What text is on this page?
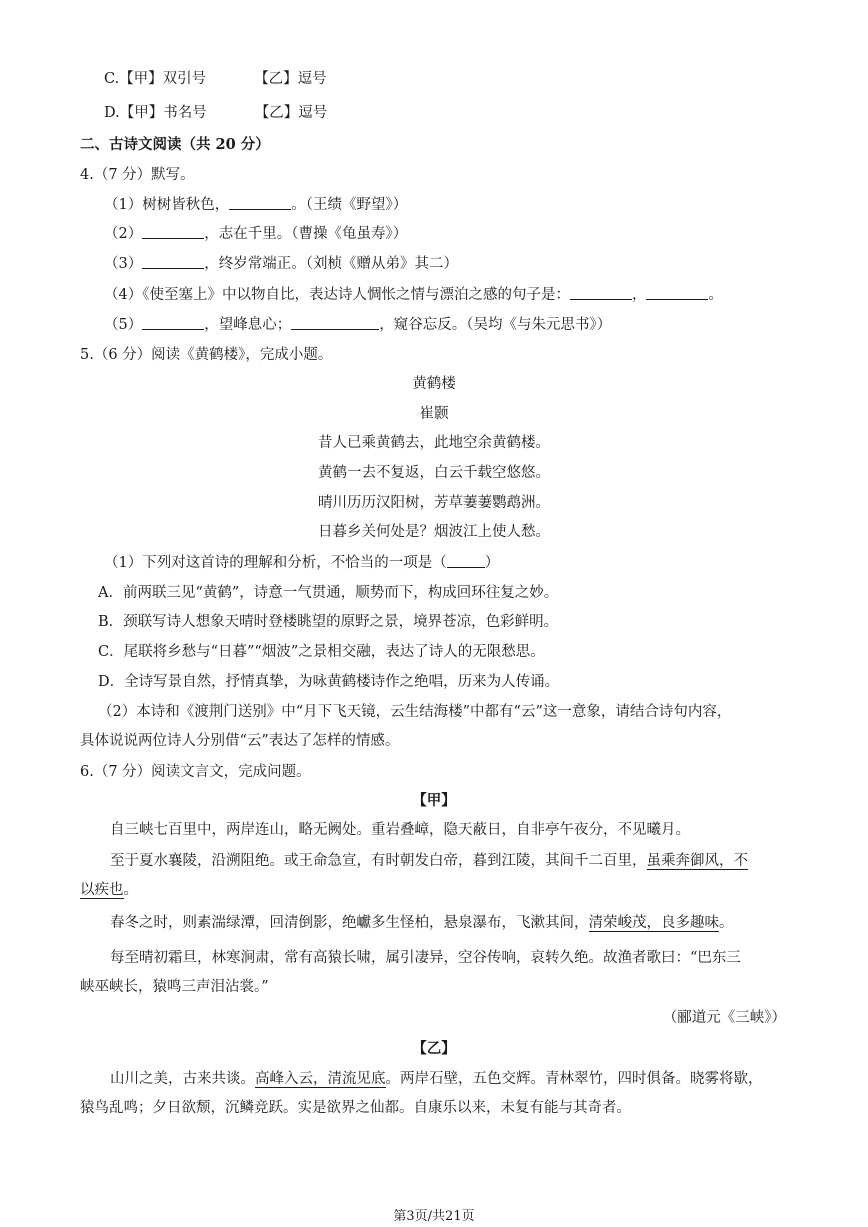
C.【甲】双引号	【乙】逗号
D.【甲】书名号	【乙】逗号
二、古诗文阅读（共 20 分）
4.（7 分）默写。
（1）树树皆秋色，	。（王绩《野望》）
（2）	，志在千里。（曹操《龟虽寿》）
（3）	，终岁常端正。（刘桢《赠从弟》其二）
（4）《使至塞上》中以物自比，表达诗人惆怅之情与漂泊之感的句子是：	，	。
（5）	，望峰息心；	，窥谷忘反。（吴均《与朱元思书》）
5.（6 分）阅读《黄鹤楼》，完成小题。
黄鹤楼
崔颢
昔人已乘黄鹤去，此地空余黄鹤楼。
黄鹤一去不复返，白云千载空悠悠。
晴川历历汉阳树，芳草萋萋鹦鹉洲。
日暮乡关何处是？烟波江上使人愁。
（1）下列对这首诗的理解和分析，不恰当的一项是（	）
A．前两联三见“黄鹤”，诗意一气贯通，顺势而下，构成回环往复之妙。
B．颈联写诗人想象天晴时登楼眺望的原野之景，境界苍凉，色彩鲜明。
C．尾联将乡愁与“日暮”“烟波”之景相交融，表达了诗人的无限愁思。
D．全诗写景自然，抒情真挚，为咏黄鹤楼诗作之绝唱，历来为人传诵。
（2）本诗和《渡荆门送别》中“月下飞天镜，云生结海楼”中都有“云”这一意象，请结合诗句内容，
具体说说两位诗人分别借“云”表达了怎样的情感。
6.（7 分）阅读文言文，完成问题。
【甲】
自三峡七百里中，两岸连山，略无阙处。重岩叠嶂，隐天蔽日，自非亭午夜分，不见曦月。
至于夏水襄陵，沿溯阻绝。或王命急宣，有时朝发白帝，暮到江陵，其间千二百里，虽乘奔御风，不
以疾也。
春冬之时，则素湍绿潭，回清倒影，绝巘多生怪柏，悬泉瀑布，飞漱其间，清荣峻茂，良多趣味。
每至晴初霜旦，林寒涧肃，常有高猿长啸，属引凄异，空谷传响，哀转久绝。故渔者歌曰：“巴东三
峡巫峡长，猿鸣三声泪沾裳。”
（郦道元《三峡》）
【乙】
山川之美，古来共谈。高峰入云，清流见底。两岸石壁，五色交辉。青林翠竹，四时俱备。晓雾将歇，
猿鸟乱鸣；夕日欲颓，沉鳞竞跃。实是欲界之仙都。自康乐以来，未复有能与其奇者。
第3页/共21页
